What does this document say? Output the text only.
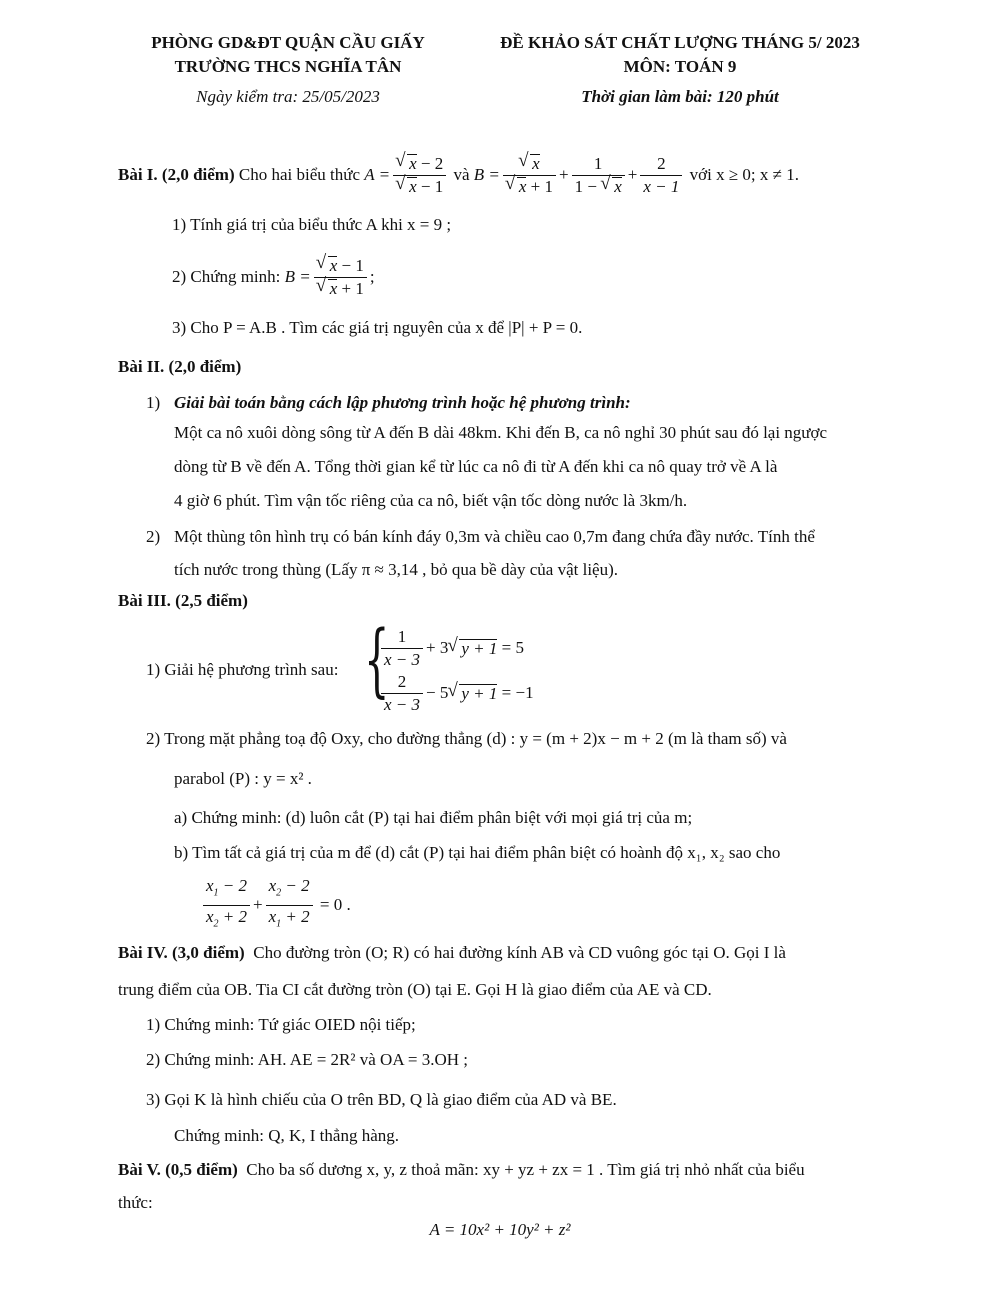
PHÒNG GD&ĐT QUẬN CẦU GIẤY
TRƯỜNG THCS NGHĨA TÂN
Ngày kiểm tra: 25/05/2023
ĐỀ KHẢO SÁT CHẤT LƯỢNG THÁNG 5/ 2023
MÔN: TOÁN 9
Thời gian làm bài: 120 phút
Bài I. (2,0 điểm)
Cho hai biểu thức
A = √ x − 2
√ x − 1
và
B = √ x
√ $x + 1 + \frac{1}{1 - √ x} + \frac{2}{x - 1}$
với x ≥ 0; x ≠ 1.
1) Tính giá trị của biểu thức A khi x = 9 ;
2) Chứng minh:
B = √ x − 1
√ x + 1 ;
3) Cho P = A.B . Tìm các giá trị nguyên của x để |P| + P = 0.
Bài II. (2,0 điểm)
1) Giải bài toán bằng cách lập phương trình hoặc hệ phương trình:
Một ca nô xuôi dòng sông từ A đến B dài 48km. Khi đến B, ca nô nghỉ 30 phút sau đó lại ngược
dòng từ B về đến A. Tổng thời gian kể từ lúc ca nô đi từ A đến khi ca nô quay trở về A là
4 giờ 6 phút. Tìm vận tốc riêng của ca nô, biết vận tốc dòng nước là 3km/h.
2) Một thùng tôn hình trụ có bán kính đáy 0,3m và chiều cao 0,7m đang chứa đầy nước. Tính thể
tích nước trong thùng (Lấy π ≈ 3,14 , bỏ qua bề dày của vật liệu).
Bài III. (2,5 điểm)
1) Giải hệ phương trình sau: {
$\frac{1}{x - 3} + 3$ √ y + 1 = 5
$\frac{2}{x - 3} - 5$ √ y + 1 = −1
2) Trong mặt phẳng toạ độ Oxy, cho đường thẳng (d) : y = (m + 2)x − m + 2 (m là tham số) và
parabol (P) : y = x² .
a) Chứng minh: (d) luôn cắt (P) tại hai điểm phân biệt với mọi giá trị của m;
b) Tìm tất cả giá trị của m để (d) cắt (P) tại hai điểm phân biệt có hoành độ x₁, x₂ sao cho
$\frac{x_1 - 2}{x_2 + 2} + \frac{x_2 - 2}{x_1 + 2} = 0$ .
Bài IV. (3,0 điểm) Cho đường tròn (O; R) có hai đường kính AB và CD vuông góc tại O. Gọi I là
trung điểm của OB. Tia CI cắt đường tròn (O) tại E. Gọi H là giao điểm của AE và CD.
1) Chứng minh: Tứ giác OIED nội tiếp;
2) Chứng minh: AH. AE = 2R² và OA = 3.OH ;
3) Gọi K là hình chiếu của O trên BD, Q là giao điểm của AD và BE.
Chứng minh: Q, K, I thẳng hàng.
Bài V. (0,5 điểm) Cho ba số dương x, y, z thoả mãn: xy + yz + zx = 1 . Tìm giá trị nhỏ nhất của biểu
thức:
A = 10x² + 10y² + z²
